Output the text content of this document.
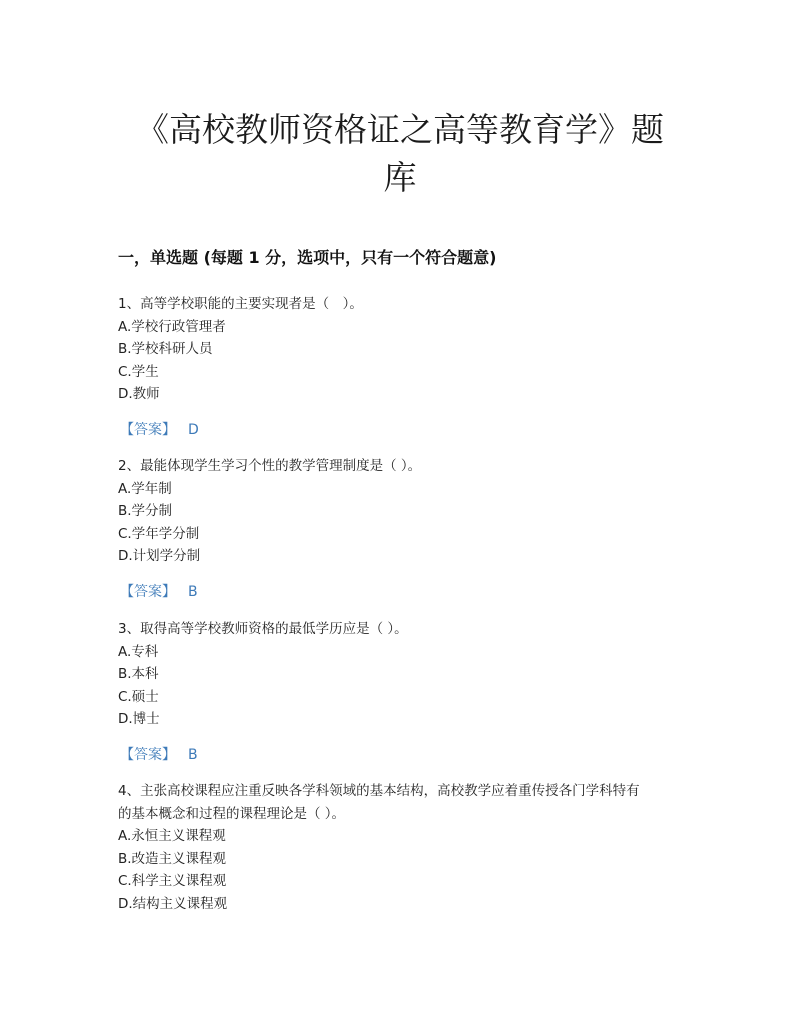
《高校教师资格证之高等教育学》题
库
一，单选题 (每题 1 分，选项中，只有一个符合题意)
1、高等学校职能的主要实现者是（　）。
A.学校行政管理者
B.学校科研人员
C.学生
D.教师
【答案】 D
2、最能体现学生学习个性的教学管理制度是（ ）。
A.学年制
B.学分制
C.学年学分制
D.计划学分制
【答案】 B
3、取得高等学校教师资格的最低学历应是（ ）。
A.专科
B.本科
C.硕士
D.博士
【答案】 B
4、主张高校课程应注重反映各学科领域的基本结构，高校教学应着重传授各门学科特有
的基本概念和过程的课程理论是（ ）。
A.永恒主义课程观
B.改造主义课程观
C.科学主义课程观
D.结构主义课程观
